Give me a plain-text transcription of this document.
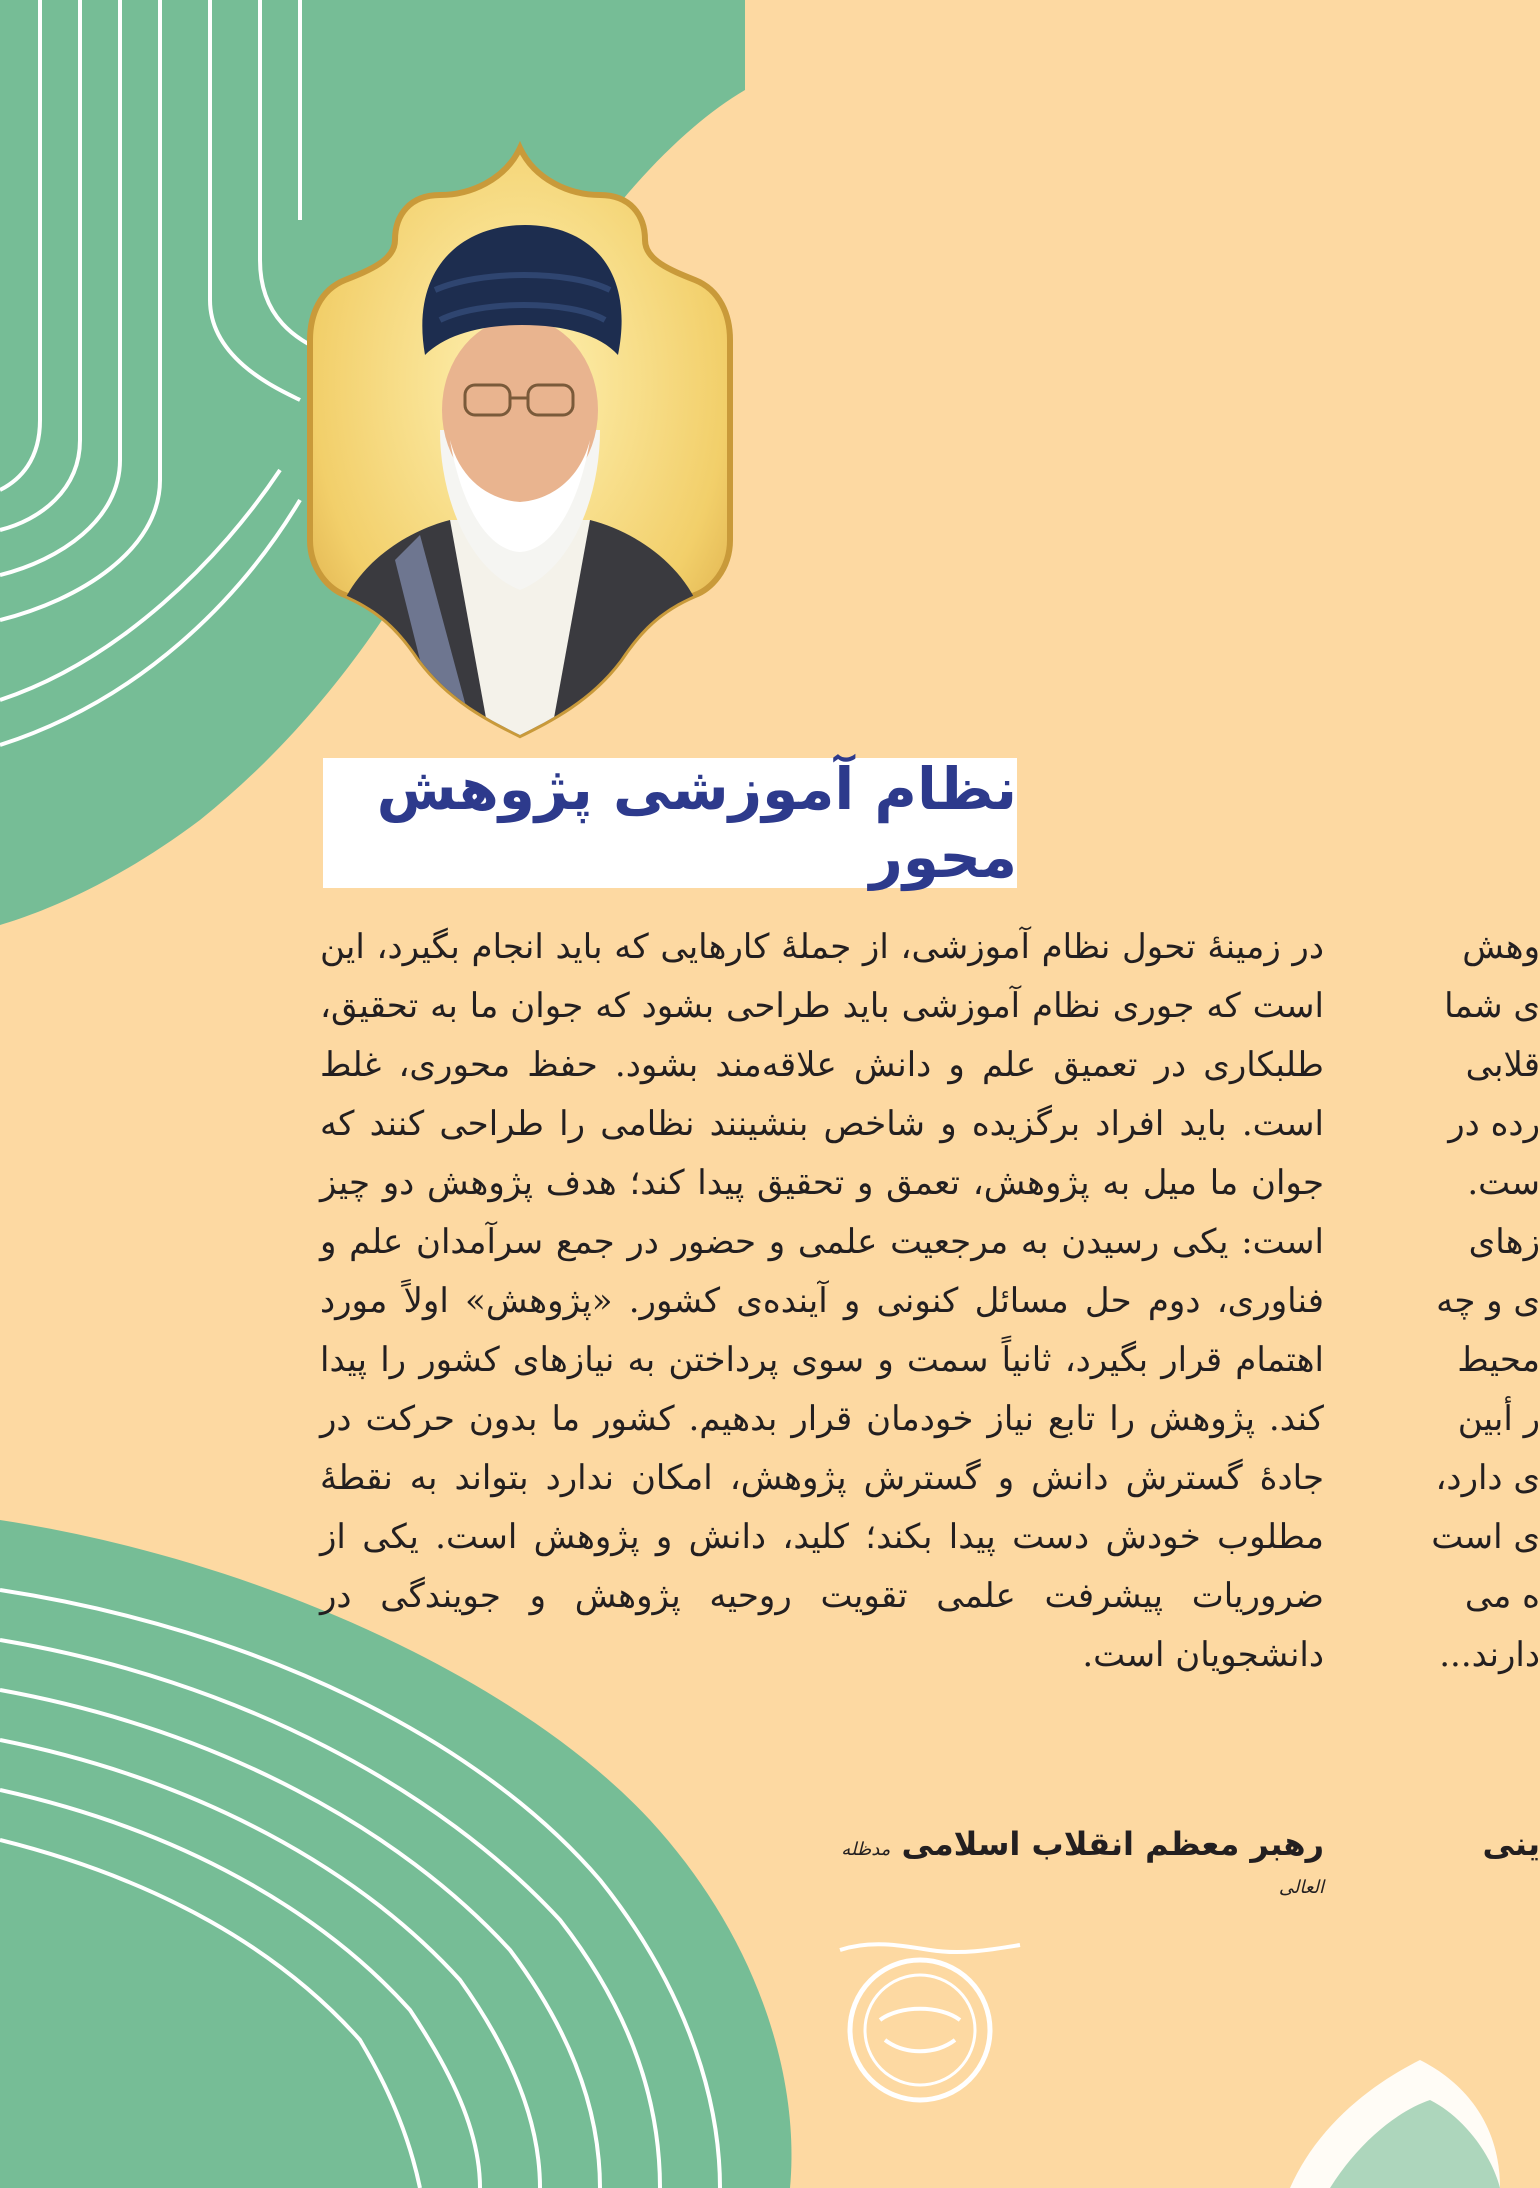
نظام آموزشی پژوهش محور

در زمینهٔ تحول نظام آموزشی، از جملهٔ کارهایی که باید انجام بگیرد، این است که جوری نظام آموزشی باید طراحی بشود که جوان ما به تحقیق، طلبکاری در تعمیق علم و دانش علاقه‌مند بشود. حفظ محوری، غلط است. باید افراد برگزیده و شاخص بنشینند نظامی را طراحی کنند که جوان ما میل به پژوهش، تعمق و تحقیق پیدا کند؛ هدف پژوهش دو چیز است: یکی رسیدن به مرجعیت علمی و حضور در جمع سرآمدان علم و فناوری، دوم حل مسائل کنونی و آینده‌ی کشور. «پژوهش» اولاً مورد اهتمام قرار بگیرد، ثانیاً سمت و سوی پرداختن به نیازهای کشور را پیدا کند. پژوهش را تابع نیاز خودمان قرار بدهیم. کشور ما بدون حرکت در جادهٔ گسترش دانش و گسترش پژوهش، امکان ندارد بتواند به نقطهٔ مطلوب خودش دست پیدا بکند؛ کلید، دانش و پژوهش است. یکی از ضروریات پیشرفت علمی تقویت روحیه پژوهش و جویندگی در دانشجویان است.

رهبر معظم انقلاب اسلامی مدظله العالی
وهش
ی شما
قلابی
رده در
ست.
زهای
ی و چه
محیط
ر أبین
ی دارد،
ی است
ه می
دارند...
ینی
